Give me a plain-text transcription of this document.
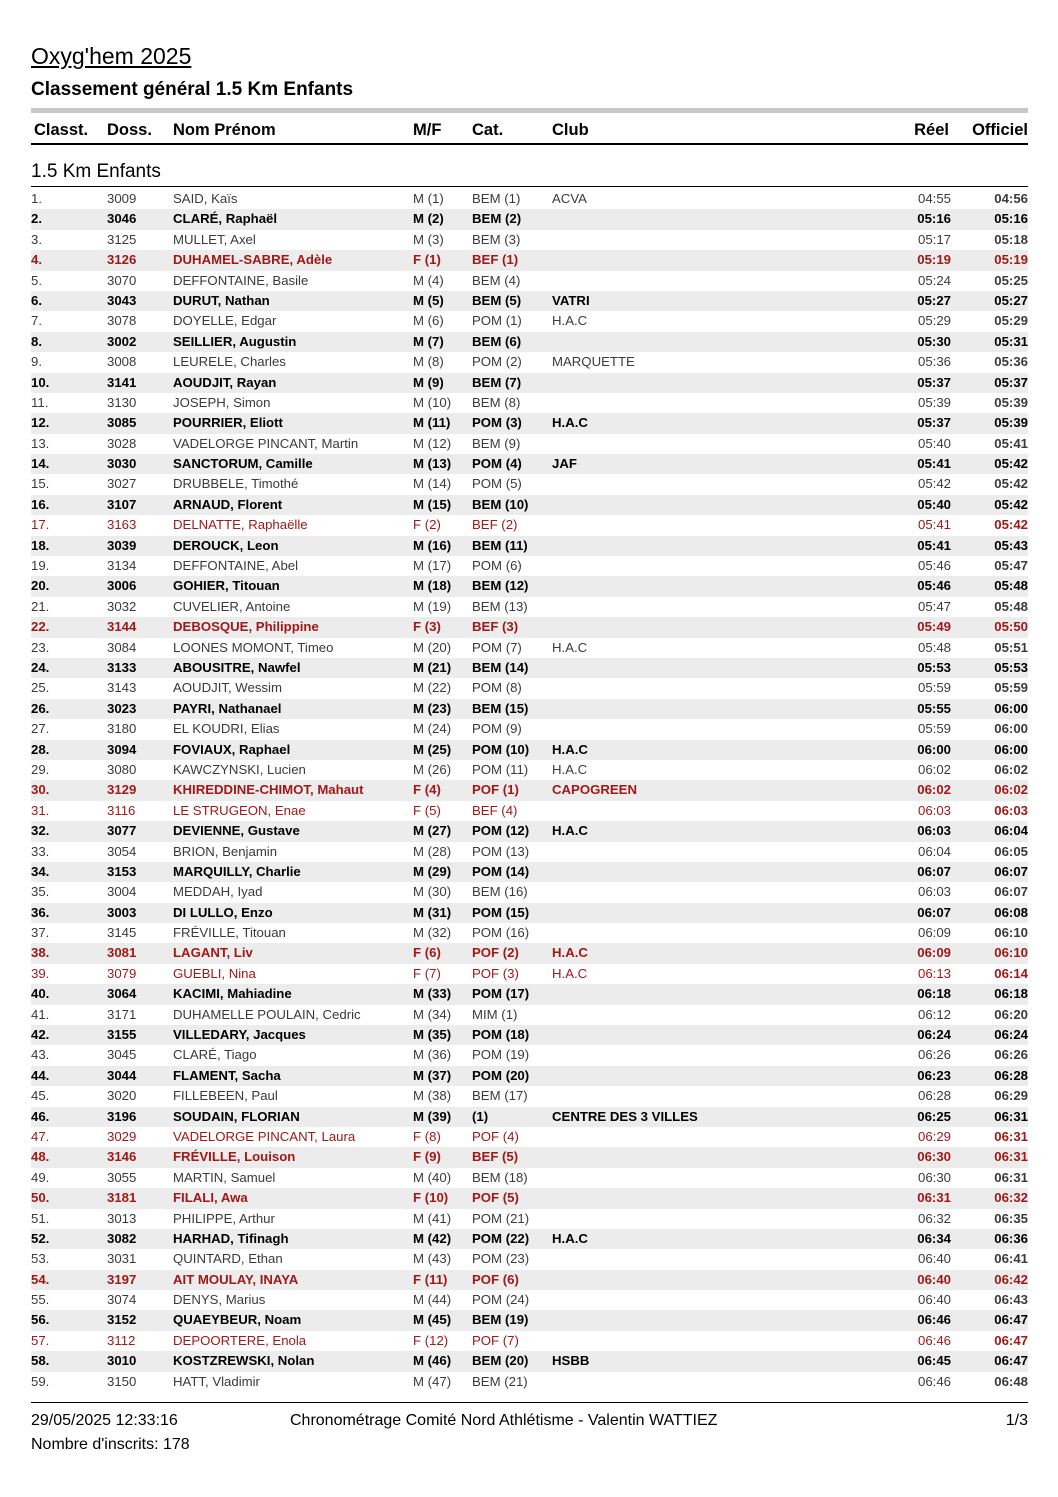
Oxyg'hem 2025
Classement général 1.5 Km Enfants
Classt. Doss. Nom Prénom	M/F Cat.	Club	Réel Officiel
1.5 Km Enfants
1.	3009	SAID, Kaïs	M (1) BEM (1) ACVA	04:55	04:56
2.	3046	CLARÉ, Raphaël	M (2) BEM (2)	05:16	05:16
3.	3125	MULLET, Axel	M (3) BEM (3)	05:17	05:18
4.	3126	DUHAMEL-SABRE, Adèle	F (1) BEF (1)	05:19	05:19
5.	3070	DEFFONTAINE, Basile	M (4) BEM (4)	05:24	05:25
6.	3043	DURUT, Nathan	M (5) BEM (5) VATRI	05:27	05:27
7.	3078	DOYELLE, Edgar	M (6) POM (1) H.A.C	05:29	05:29
8.	3002	SEILLIER, Augustin	M (7) BEM (6)	05:30	05:31
9.	3008	LEURELE, Charles	M (8) POM (2) MARQUETTE	05:36	05:36
10.	3141	AOUDJIT, Rayan	M (9) BEM (7)	05:37	05:37
11.	3130	JOSEPH, Simon	M (10) BEM (8)	05:39	05:39
12.	3085	POURRIER, Eliott	M (11) POM (3) H.A.C	05:37	05:39
13.	3028	VADELORGE PINCANT, Martin	M (12) BEM (9)	05:40	05:41
14.	3030	SANCTORUM, Camille	M (13) POM (4) JAF	05:41	05:42
15.	3027	DRUBBELE, Timothé	M (14) POM (5)	05:42	05:42
16.	3107	ARNAUD, Florent	M (15) BEM (10)	05:40	05:42
17.	3163	DELNATTE, Raphaëlle	F (2) BEF (2)	05:41	05:42
18.	3039	DEROUCK, Leon	M (16) BEM (11)	05:41	05:43
19.	3134	DEFFONTAINE, Abel	M (17) POM (6)	05:46	05:47
20.	3006	GOHIER, Titouan	M (18) BEM (12)	05:46	05:48
21.	3032	CUVELIER, Antoine	M (19) BEM (13)	05:47	05:48
22.	3144	DEBOSQUE, Philippine	F (3) BEF (3)	05:49	05:50
23.	3084	LOONES MOMONT, Timeo	M (20) POM (7) H.A.C	05:48	05:51
24.	3133	ABOUSITRE, Nawfel	M (21) BEM (14)	05:53	05:53
25.	3143	AOUDJIT, Wessim	M (22) POM (8)	05:59	05:59
26.	3023	PAYRI, Nathanael	M (23) BEM (15)	05:55	06:00
27.	3180	EL KOUDRI, Elias	M (24) POM (9)	05:59	06:00
28.	3094	FOVIAUX, Raphael	M (25) POM (10) H.A.C	06:00	06:00
29.	3080	KAWCZYNSKI, Lucien	M (26) POM (11) H.A.C	06:02	06:02
30.	3129	KHIREDDINE-CHIMOT, Mahaut	F (4) POF (1)	CAPOGREEN	06:02	06:02
31.	3116	LE STRUGEON, Enae	F (5) BEF (4)	06:03	06:03
32.	3077	DEVIENNE, Gustave	M (27) POM (12) H.A.C	06:03	06:04
33.	3054	BRION, Benjamin	M (28) POM (13)	06:04	06:05
34.	3153	MARQUILLY, Charlie	M (29) POM (14)	06:07	06:07
35.	3004	MEDDAH, Iyad	M (30) BEM (16)	06:03	06:07
36.	3003	DI LULLO, Enzo	M (31) POM (15)	06:07	06:08
37.	3145	FRÉVILLE, Titouan	M (32) POM (16)	06:09	06:10
38.	3081	LAGANT, Liv	F (6) POF (2)	H.A.C	06:09	06:10
39.	3079	GUEBLI, Nina	F (7) POF (3)	H.A.C	06:13	06:14
40.	3064	KACIMI, Mahiadine	M (33) POM (17)	06:18	06:18
41.	3171	DUHAMELLE POULAIN, Cedric	M (34) MIM (1)	06:12	06:20
42.	3155	VILLEDARY, Jacques	M (35) POM (18)	06:24	06:24
43.	3045	CLARÉ, Tiago	M (36) POM (19)	06:26	06:26
44.	3044	FLAMENT, Sacha	M (37) POM (20)	06:23	06:28
45.	3020	FILLEBEEN, Paul	M (38) BEM (17)	06:28	06:29
46.	3196	SOUDAIN, FLORIAN	M (39) (1)	CENTRE DES 3 VILLES	06:25	06:31
47.	3029	VADELORGE PINCANT, Laura	F (8) POF (4)	06:29	06:31
48.	3146	FRÉVILLE, Louison	F (9) BEF (5)	06:30	06:31
49.	3055	MARTIN, Samuel	M (40) BEM (18)	06:30	06:31
50.	3181	FILALI, Awa	F (10) POF (5)	06:31	06:32
51.	3013	PHILIPPE, Arthur	M (41) POM (21)	06:32	06:35
52.	3082	HARHAD, Tifinagh	M (42) POM (22) H.A.C	06:34	06:36
53.	3031	QUINTARD, Ethan	M (43) POM (23)	06:40	06:41
54.	3197	AIT MOULAY, INAYA	F (11) POF (6)	06:40	06:42
55.	3074	DENYS, Marius	M (44) POM (24)	06:40	06:43
56.	3152	QUAEYBEUR, Noam	M (45) BEM (19)	06:46	06:47
57.	3112	DEPOORTERE, Enola	F (12) POF (7)	06:46	06:47
58.	3010	KOSTZREWSKI, Nolan	M (46) BEM (20) HSBB	06:45	06:47
59.	3150	HATT, Vladimir	M (47) BEM (21)	06:46	06:48
29/05/2025 12:33:16	Chronométrage Comité Nord Athlétisme - Valentin WATTIEZ	1/3
Nombre d'inscrits: 178
